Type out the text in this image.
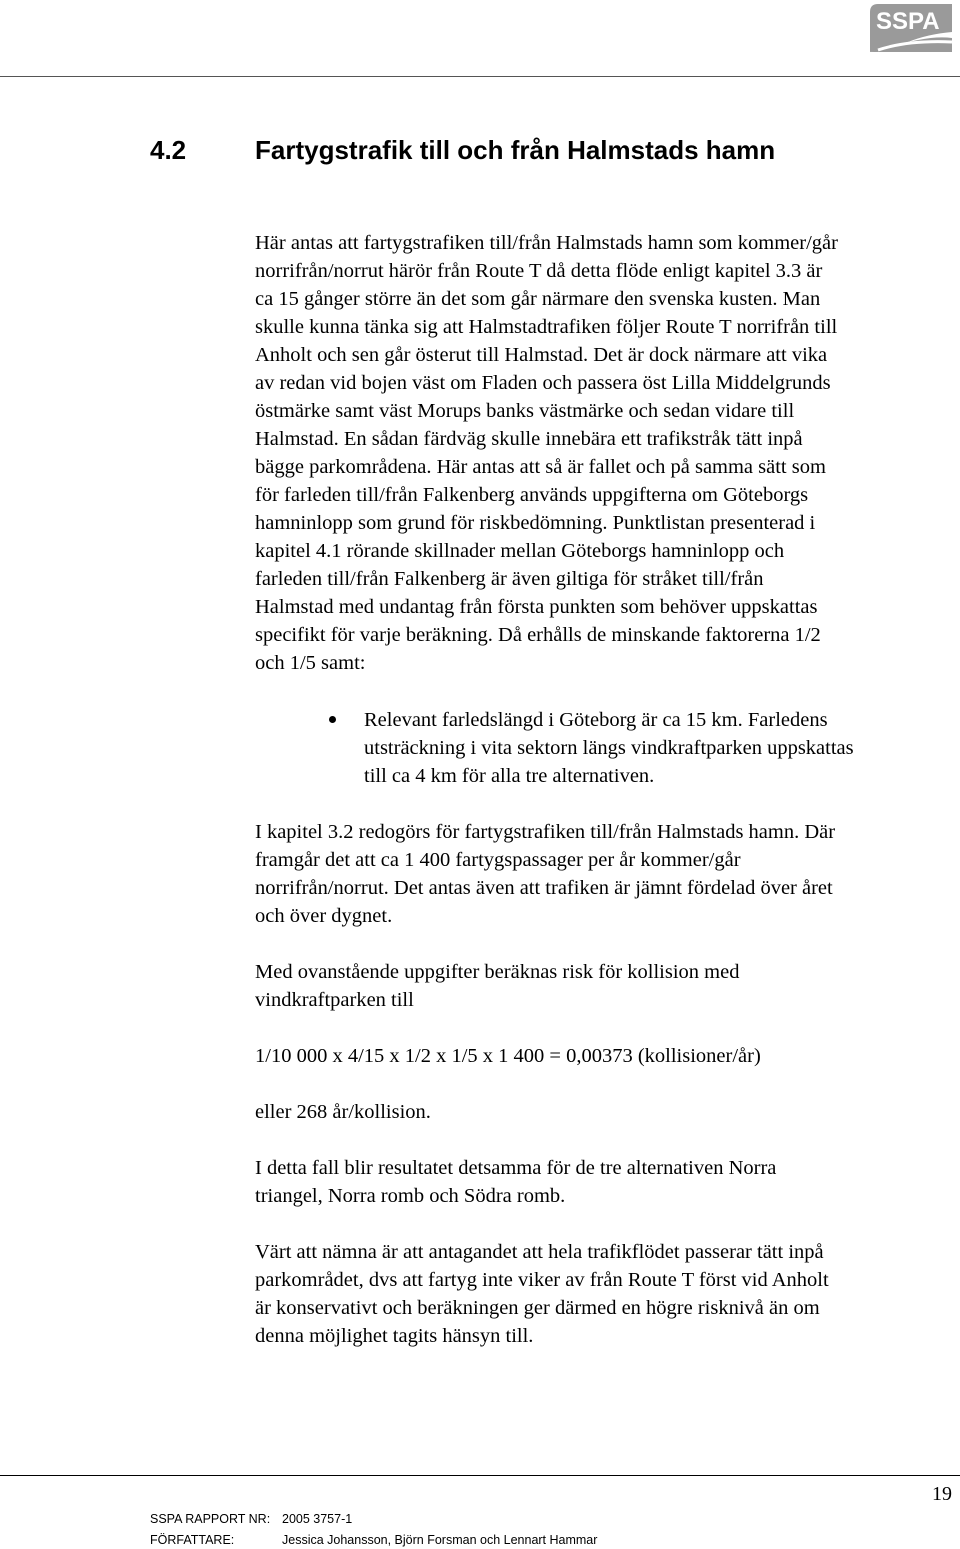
SSPA
4.2	Fartygstrafik till och från Halmstads hamn
Här antas att fartygstrafiken till/från Halmstads hamn som kommer/går
norrifrån/norrut härör från Route T då detta flöde enligt kapitel 3.3 är
ca 15 gånger större än det som går närmare den svenska kusten. Man
skulle kunna tänka sig att Halmstadtrafiken följer Route T norrifrån till
Anholt och sen går österut till Halmstad. Det är dock närmare att vika
av redan vid bojen väst om Fladen och passera öst Lilla Middelgrunds
östmärke samt väst Morups banks västmärke och sedan vidare till
Halmstad. En sådan färdväg skulle innebära ett trafikstråk tätt inpå
bägge parkområdena. Här antas att så är fallet och på samma sätt som
för farleden till/från Falkenberg används uppgifterna om Göteborgs
hamninlopp som grund för riskbedömning. Punktlistan presenterad i
kapitel 4.1 rörande skillnader mellan Göteborgs hamninlopp och
farleden till/från Falkenberg är även giltiga för stråket till/från
Halmstad med undantag från första punkten som behöver uppskattas
specifikt för varje beräkning. Då erhålls de minskande faktorerna 1/2
och 1/5 samt:
Relevant farledslängd i Göteborg är ca 15 km. Farledens
utsträckning i vita sektorn längs vindkraftparken uppskattas
till ca 4 km för alla tre alternativen.
I kapitel 3.2 redogörs för fartygstrafiken till/från Halmstads hamn. Där
framgår det att ca 1 400 fartygspassager per år kommer/går
norrifrån/norrut. Det antas även att trafiken är jämnt fördelad över året
och över dygnet.
Med ovanstående uppgifter beräknas risk för kollision med
vindkraftparken till
1/10 000 x 4/15 x 1/2 x 1/5 x 1 400 = 0,00373 (kollisioner/år)
eller 268 år/kollision.
I detta fall blir resultatet detsamma för de tre alternativen Norra
triangel, Norra romb och Södra romb.
Värt att nämna är att antagandet att hela trafikflödet passerar tätt inpå
parkområdet, dvs att fartyg inte viker av från Route T först vid Anholt
är konservativt och beräkningen ger därmed en högre risknivå än om
denna möjlighet tagits hänsyn till.
19
SSPA RAPPORT NR: 2005 3757-1
FÖRFATTARE:	Jessica Johansson, Björn Forsman och Lennart Hammar
